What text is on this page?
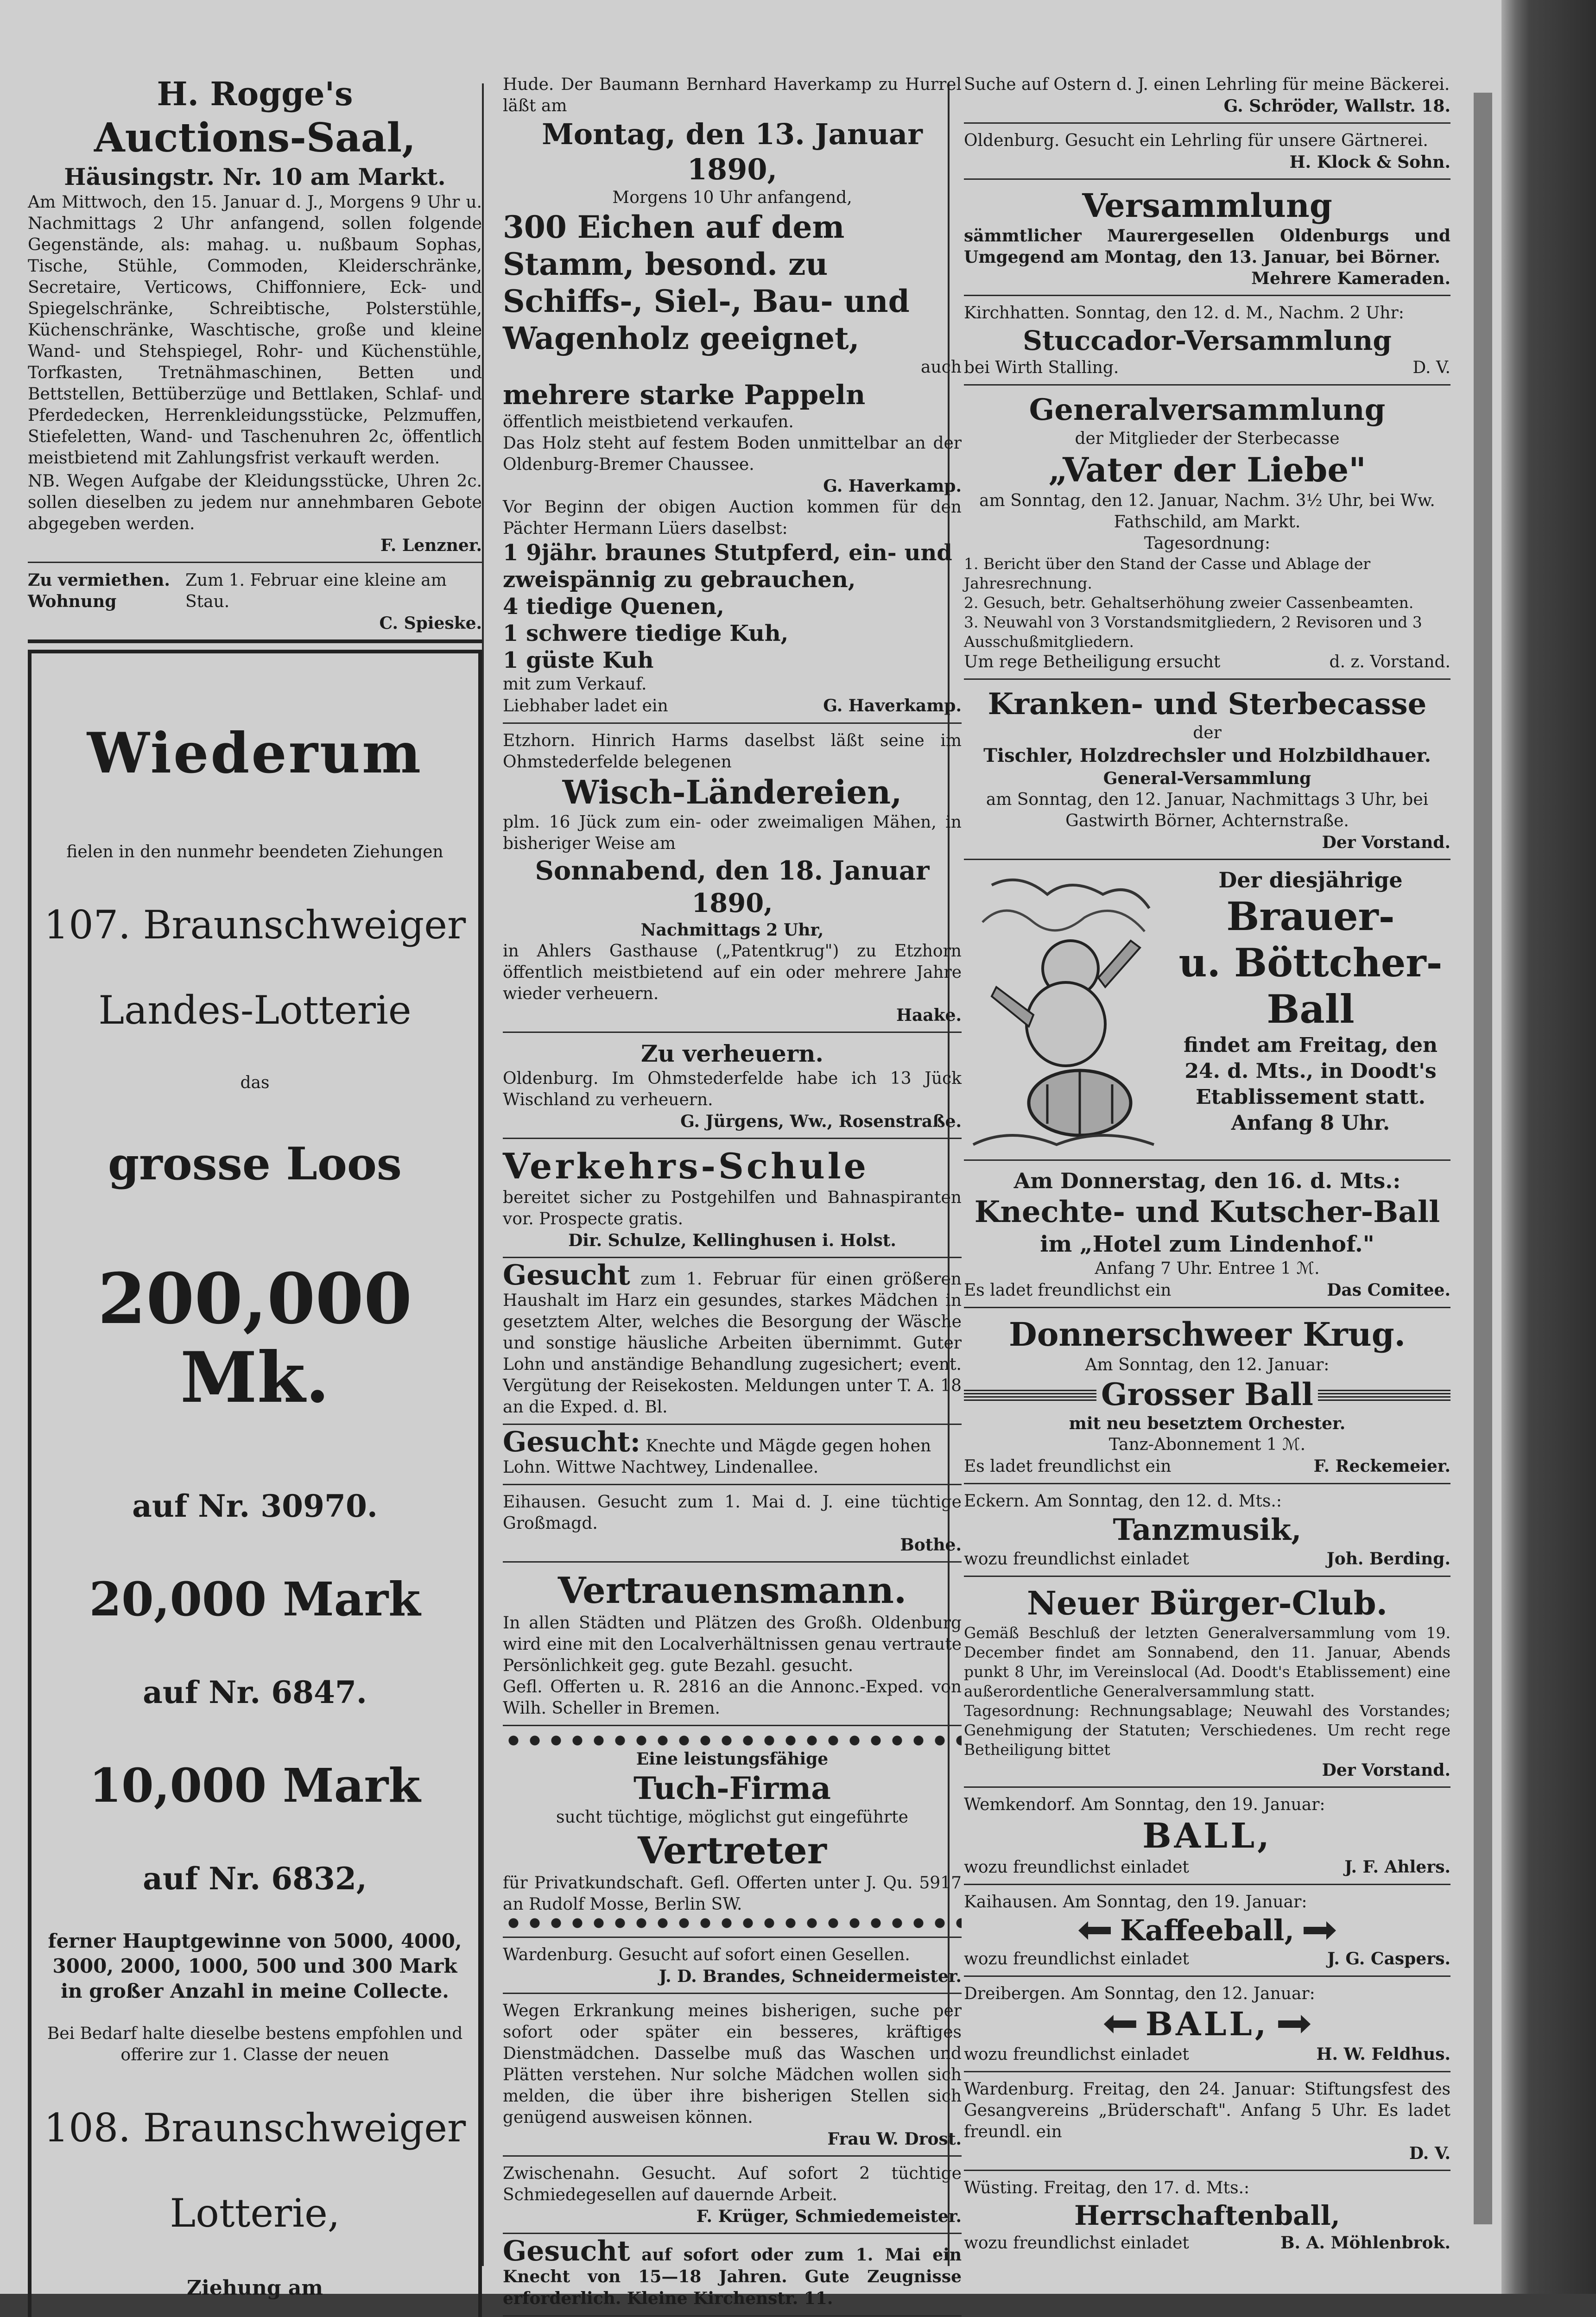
H. Rogge's

Auctions-Saal,

Häusingstr. Nr. 10 am Markt.

Am Mittwoch, den 15. Januar d. J., Morgens 9 Uhr u. Nachmittags 2 Uhr anfangend, sollen folgende Gegenstände, als: mahag. u. nußbaum Sophas, Tische, Stühle, Commoden, Kleiderschränke, Secretaire, Verticows, Chiffonniere, Eck- und Spiegelschränke, Schreibtische, Polsterstühle, Küchenschränke, Waschtische, große und kleine Wand- und Stehspiegel, Rohr- und Küchenstühle, Torfkasten, Tretnähmaschinen, Betten und Bettstellen, Bettüberzüge und Bettlaken, Schlaf- und Pferdedecken, Herrenkleidungsstücke, Pelzmuffen, Stiefeletten, Wand- und Taschenuhren 2c, öffentlich meistbietend mit Zahlungsfrist verkauft werden.

NB. Wegen Aufgabe der Kleidungsstücke, Uhren 2c. sollen dieselben zu jedem nur annehmbaren Gebote abgegeben werden.

F. Lenzner.
Zu vermiethen. Wohnung
Zum 1. Februar eine kleine am Stau.
C. Spieske.

Wiederum

fielen in den nunmehr beendeten Ziehungen

107. Braunschweiger

Landes-Lotterie

das

grosse Loos

200,000 Mk.

auf Nr. 30970.

20,000 Mark

auf Nr. 6847.

10,000 Mark

auf Nr. 6832,

ferner Hauptgewinne von 5000, 4000, 3000, 2000, 1000, 500 und 300 Mark in großer Anzahl in meine Collecte.

Bei Bedarf halte dieselbe bestens empfohlen und offerire zur 1. Classe der neuen

108. Braunschweiger

Lotterie,

Ziehung am

Hude. Der Baumann Bernhard Haverkamp zu Hurrel läßt am

Montag, den 13. Januar 1890,

Morgens 10 Uhr anfangend,

300 Eichen auf dem Stamm, besond. zu Schiffs-, Siel-, Bau- und Wagenholz geeignet,

auch

mehrere starke Pappeln

öffentlich meistbietend verkaufen.

Das Holz steht auf festem Boden unmittelbar an der Oldenburg-Bremer Chaussee.

G. Haverkamp.

Vor Beginn der obigen Auction kommen für den Pächter Hermann Lüers daselbst:

1 9jähr. braunes Stutpferd, ein- und zweispännig zu gebrauchen,

4 tiedige Quenen,

1 schwere tiedige Kuh,

1 güste Kuh

mit zum Verkauf.

Liebhaber ladet ein	G. Haverkamp.

Etzhorn. Hinrich Harms daselbst läßt seine im Ohmstederfelde belegenen

Wisch-Ländereien,

plm. 16 Jück zum ein- oder zweimaligen Mähen, in bisheriger Weise am

Sonnabend, den 18. Januar 1890,

Nachmittags 2 Uhr,

in Ahlers Gasthause („Patentkrug") zu Etzhorn öffentlich meistbietend auf ein oder mehrere Jahre wieder verheuern.

Haake.

Zu verheuern.

Oldenburg. Im Ohmstederfelde habe ich 13 Jück Wischland zu verheuern.

G. Jürgens, Ww., Rosenstraße.

Verkehrs-Schule

bereitet sicher zu Postgehilfen und Bahnaspiranten vor. Prospecte gratis.

Dir. Schulze, Kellinghusen i. Holst.

Gesucht zum 1. Februar für einen größeren Haushalt im Harz ein gesundes, starkes Mädchen in gesetztem Alter, welches die Besorgung der Wäsche und sonstige häusliche Arbeiten übernimmt. Guter Lohn und anständige Behandlung zugesichert; event. Vergütung der Reisekosten. Meldungen unter T. A. 18 an die Exped. d. Bl.

Gesucht: Knechte und Mägde gegen hohen Lohn. Wittwe Nachtwey, Lindenallee.

Eihausen. Gesucht zum 1. Mai d. J. eine tüchtige Großmagd.

Bothe.

Vertrauensmann.

In allen Städten und Plätzen des Großh. Oldenburg wird eine mit den Localverhältnissen genau vertraute Persönlichkeit geg. gute Bezahl. gesucht.

Gefl. Offerten u. R. 2816 an die Annonc.-Exped. von Wilh. Scheller in Bremen.

Eine leistungsfähige

Tuch-Firma

sucht tüchtige, möglichst gut eingeführte

Vertreter

für Privatkundschaft. Gefl. Offerten unter J. Qu. 5917 an Rudolf Mosse, Berlin SW.

Wardenburg. Gesucht auf sofort einen Gesellen.

J. D. Brandes, Schneidermeister.

Wegen Erkrankung meines bisherigen, suche per sofort oder später ein besseres, kräftiges Dienstmädchen. Dasselbe muß das Waschen und Plätten verstehen. Nur solche Mädchen wollen sich melden, die über ihre bisherigen Stellen sich genügend ausweisen können.

Frau W. Drost.

Zwischenahn. Gesucht. Auf sofort 2 tüchtige Schmiedegesellen auf dauernde Arbeit.

F. Krüger, Schmiedemeister.

Gesucht auf sofort oder zum 1. Mai ein Knecht von 15—18 Jahren. Gute Zeugnisse erforderlich. Kleine Kirchenstr. 11.

Suche auf Ostern d. J. einen Lehrling für meine Bäckerei.

G. Schröder, Wallstr. 18.

Oldenburg. Gesucht ein Lehrling für unsere Gärtnerei.

H. Klock & Sohn.

Versammlung

sämmtlicher Maurergesellen Oldenburgs und Umgegend am Montag, den 13. Januar, bei Börner.

Mehrere Kameraden.

Kirchhatten. Sonntag, den 12. d. M., Nachm. 2 Uhr:

Stuccador-Versammlung

bei Wirth Stalling.	D. V.

Generalversammlung

der Mitglieder der Sterbecasse

„Vater der Liebe"

am Sonntag, den 12. Januar, Nachm. 3¹⁄₂ Uhr, bei Ww. Fathschild, am Markt.

Tagesordnung:

1. Bericht über den Stand der Casse und Ablage der Jahresrechnung.

2. Gesuch, betr. Gehaltserhöhung zweier Cassenbeamten.

3. Neuwahl von 3 Vorstandsmitgliedern, 2 Revisoren und 3 Ausschußmitgliedern.

Um rege Betheiligung ersucht	d. z. Vorstand.

Kranken- und Sterbecasse

der

Tischler, Holzdrechsler und Holzbildhauer.

General-Versammlung

am Sonntag, den 12. Januar, Nachmittags 3 Uhr, bei Gastwirth Börner, Achternstraße.

Der Vorstand.

Der diesjährige

Brauer-

u. Böttcher-

Ball

findet am Freitag, den 24. d. Mts., in Doodt's Etablissement statt. Anfang 8 Uhr.

Am Donnerstag, den 16. d. Mts.:

Knechte- und Kutscher-Ball

im „Hotel zum Lindenhof."

Anfang 7 Uhr. Entree 1 ℳ.

Es ladet freundlichst ein	Das Comitee.

Donnerschweer Krug.

Am Sonntag, den 12. Januar:

Grosser Ball

mit neu besetztem Orchester.

Tanz-Abonnement 1 ℳ.

Es ladet freundlichst ein	F. Reckemeier.

Eckern. Am Sonntag, den 12. d. Mts.:

Tanzmusik,

wozu freundlichst einladet	Joh. Berding.

Neuer Bürger-Club.

Gemäß Beschluß der letzten Generalversammlung vom 19. December findet am Sonnabend, den 11. Januar, Abends punkt 8 Uhr, im Vereinslocal (Ad. Doodt's Etablissement) eine außerordentliche Generalversammlung statt.

Tagesordnung: Rechnungsablage; Neuwahl des Vorstandes; Genehmigung der Statuten; Verschiedenes. Um recht rege Betheiligung bittet

Der Vorstand.

Wemkendorf. Am Sonntag, den 19. Januar:

BALL,

wozu freundlichst einladet	J. F. Ahlers.

Kaihausen. Am Sonntag, den 19. Januar:

Kaffeeball,
wozu freundlichst einladet	J. G. Caspers.

Dreibergen. Am Sonntag, den 12. Januar:

BALL,
wozu freundlichst einladet	H. W. Feldhus.

Wardenburg. Freitag, den 24. Januar: Stiftungsfest des Gesangvereins „Brüderschaft". Anfang 5 Uhr. Es ladet freundl. ein

D. V.

Wüsting. Freitag, den 17. d. Mts.:

Herrschaftenball,

wozu freundlichst einladet	B. A. Möhlenbrok.
